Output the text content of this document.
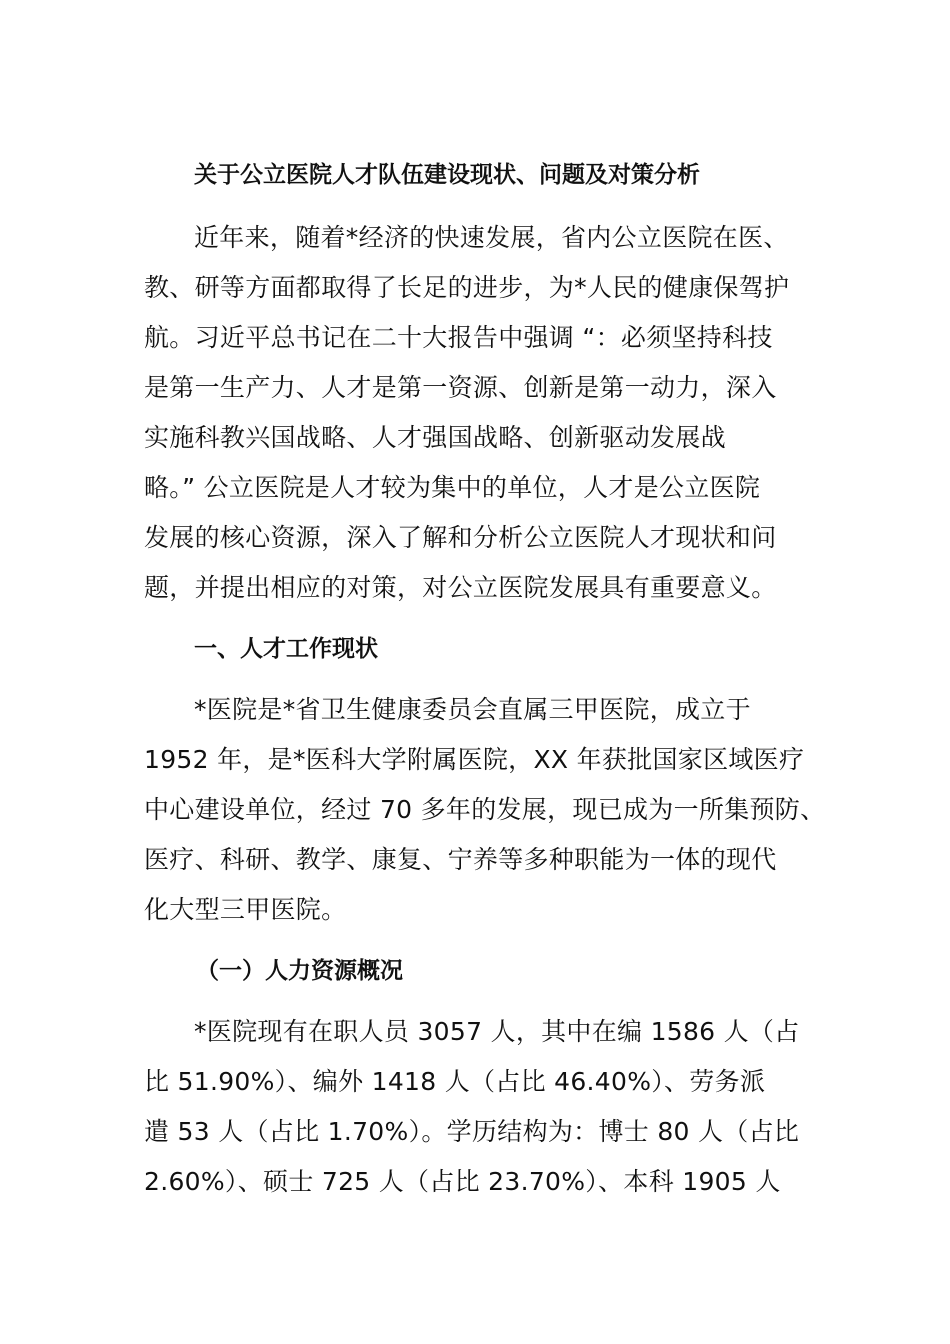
关于公立医院人才队伍建设现状、问题及对策分析
近年来，随着*经济的快速发展，省内公立医院在医、
教、研等方面都取得了长足的进步，为*人民的健康保驾护
航。习近平总书记在二十大报告中强调 “：必须坚持科技
是第一生产力、人才是第一资源、创新是第一动力，深入
实施科教兴国战略、人才强国战略、创新驱动发展战
略。” 公立医院是人才较为集中的单位，人才是公立医院
发展的核心资源，深入了解和分析公立医院人才现状和问
题，并提出相应的对策，对公立医院发展具有重要意义。
一、人才工作现状
*医院是*省卫生健康委员会直属三甲医院，成立于
1952 年，是*医科大学附属医院，XX 年获批国家区域医疗
中心建设单位，经过 70 多年的发展，现已成为一所集预防、
医疗、科研、教学、康复、宁养等多种职能为一体的现代
化大型三甲医院。
（一）人力资源概况
*医院现有在职人员 3057 人，其中在编 1586 人（占
比 51.90%）、编外 1418 人（占比 46.40%）、劳务派
遣 53 人（占比 1.70%）。学历结构为：博士 80 人（占比
2.60%）、硕士 725 人（占比 23.70%）、本科 1905 人
